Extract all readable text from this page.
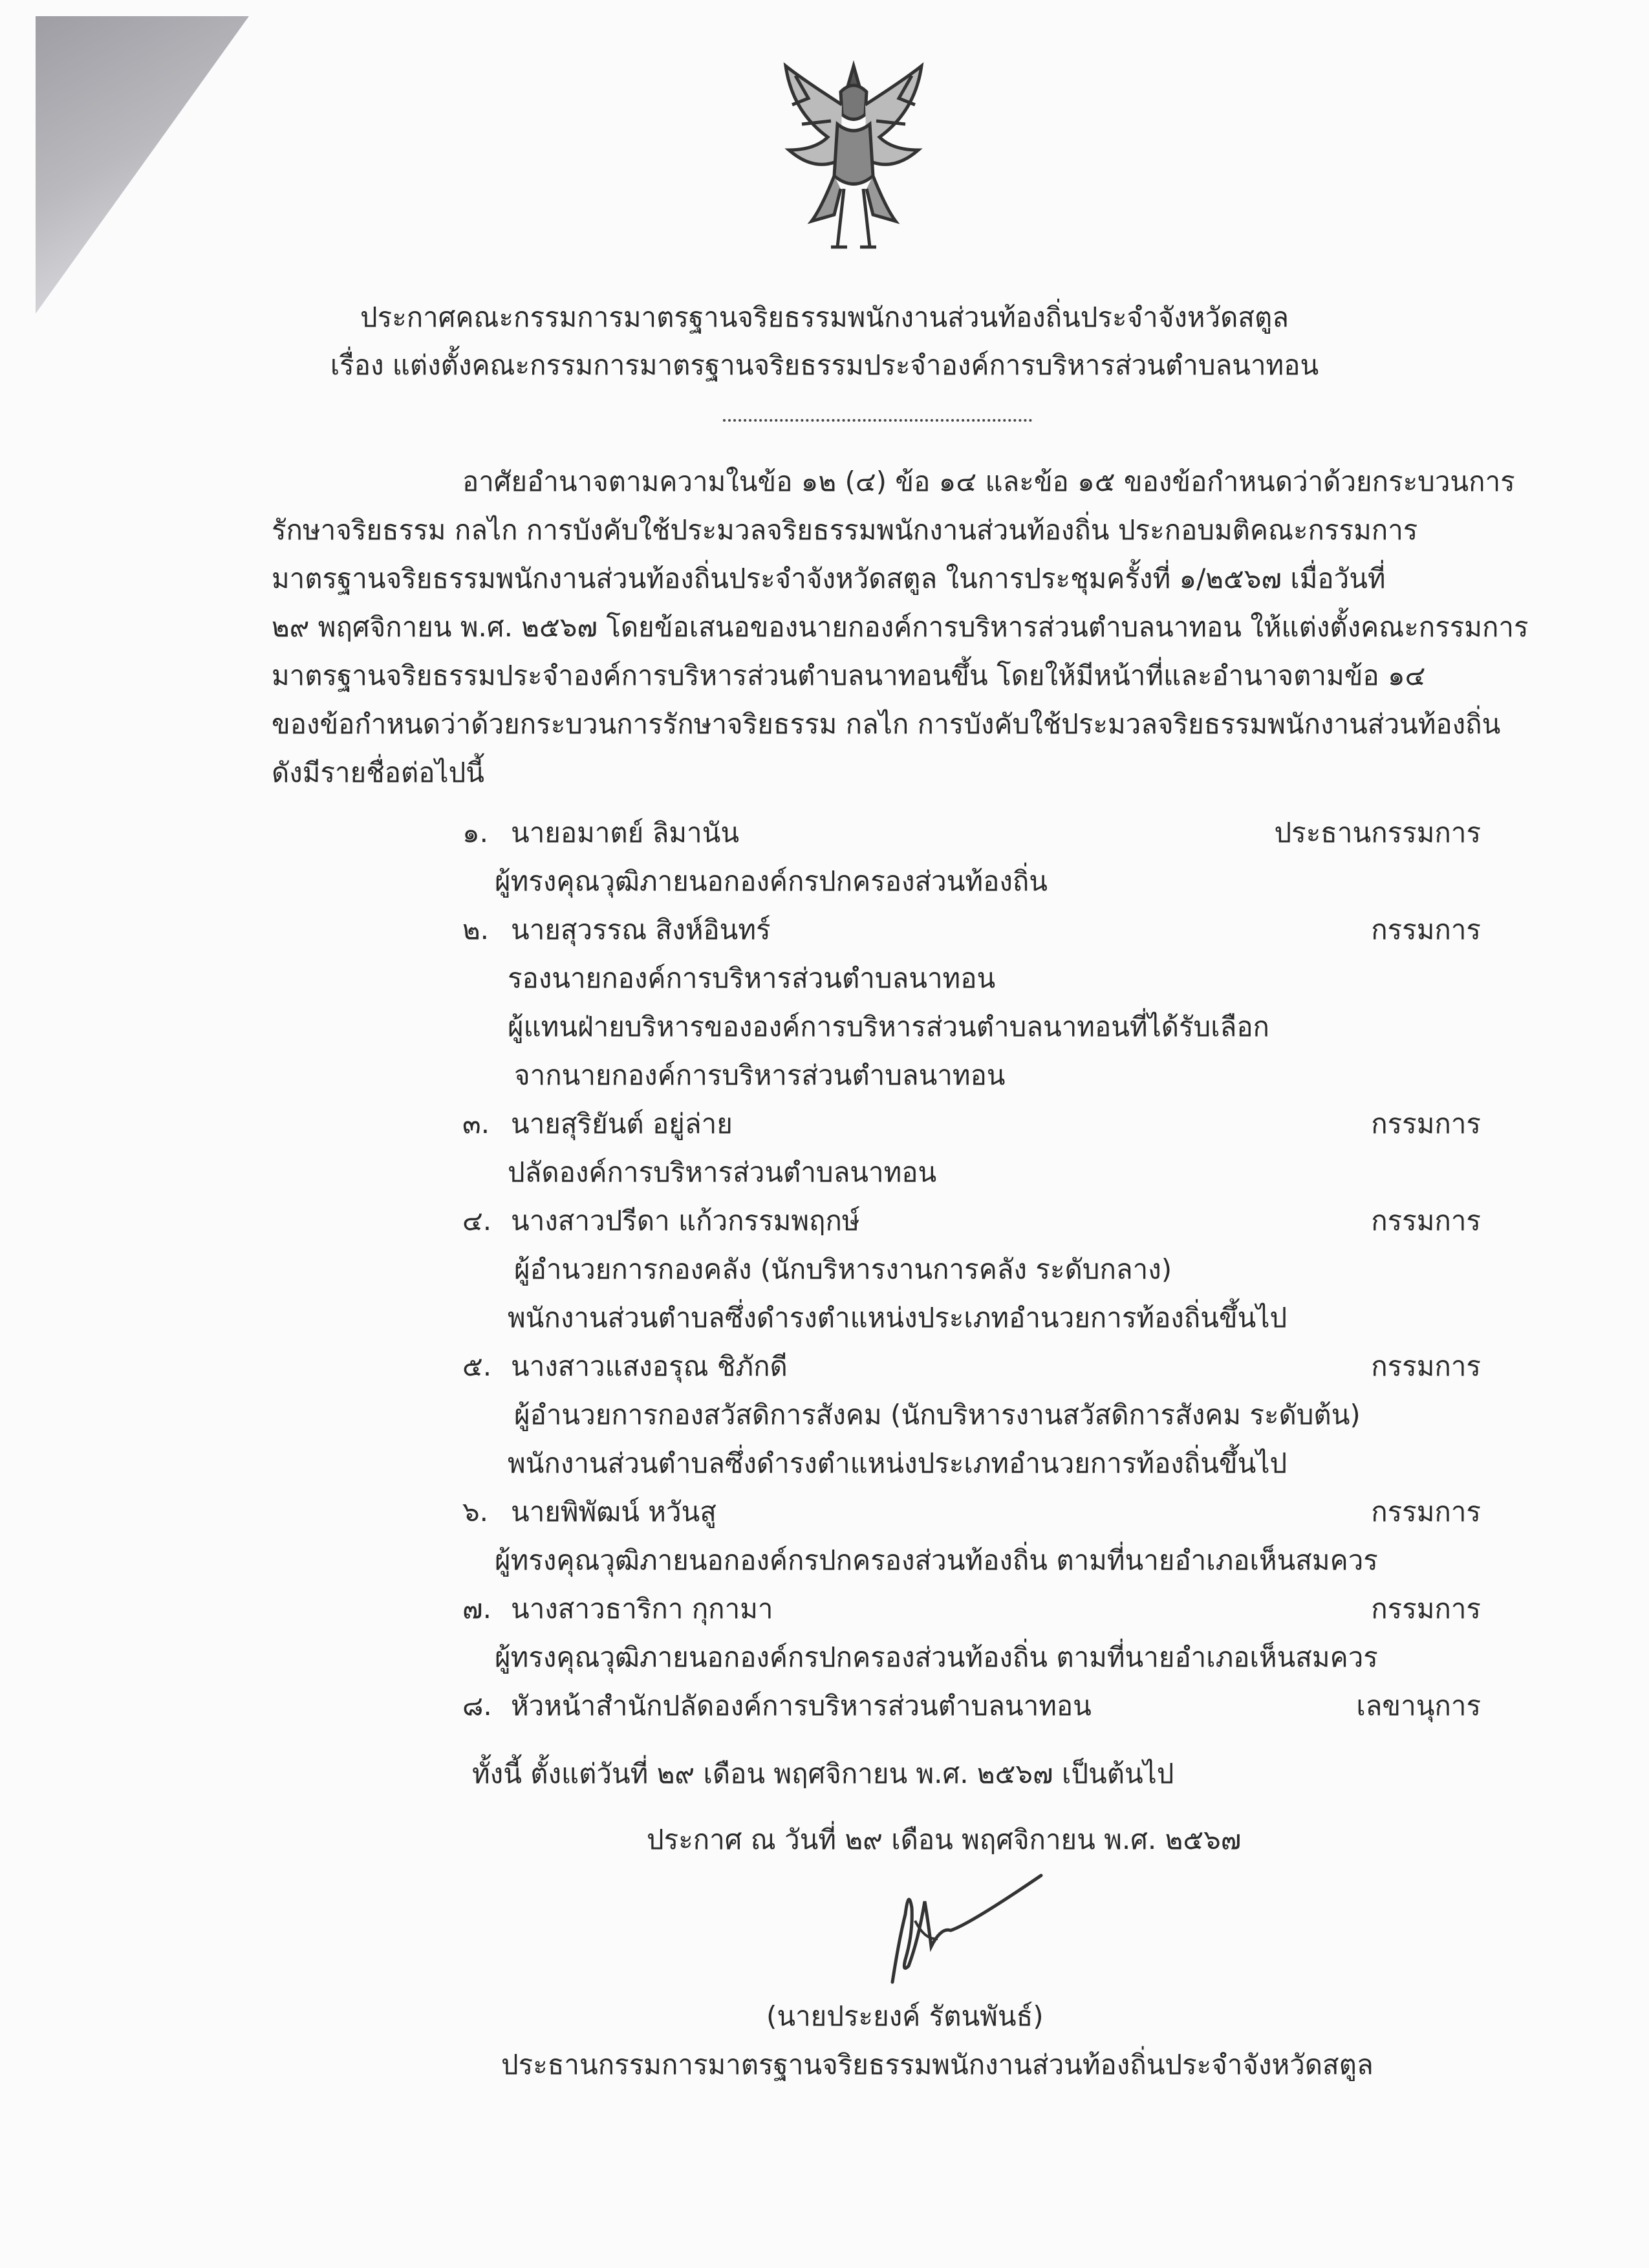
ประกาศคณะกรรมการมาตรฐานจริยธรรมพนักงานส่วนท้องถิ่นประจำจังหวัดสตูล
เรื่อง แต่งตั้งคณะกรรมการมาตรฐานจริยธรรมประจำองค์การบริหารส่วนตำบลนาทอน
อาศัยอำนาจตามความในข้อ ๑๒ (๔) ข้อ ๑๔ และข้อ ๑๕ ของข้อกำหนดว่าด้วยกระบวนการ
รักษาจริยธรรม กลไก การบังคับใช้ประมวลจริยธรรมพนักงานส่วนท้องถิ่น ประกอบมติคณะกรรมการ
มาตรฐานจริยธรรมพนักงานส่วนท้องถิ่นประจำจังหวัดสตูล ในการประชุมครั้งที่ ๑/๒๕๖๗ เมื่อวันที่
๒๙ พฤศจิกายน พ.ศ. ๒๕๖๗ โดยข้อเสนอของนายกองค์การบริหารส่วนตำบลนาทอน ให้แต่งตั้งคณะกรรมการ
มาตรฐานจริยธรรมประจำองค์การบริหารส่วนตำบลนาทอนขึ้น โดยให้มีหน้าที่และอำนาจตามข้อ ๑๔
ของข้อกำหนดว่าด้วยกระบวนการรักษาจริยธรรม กลไก การบังคับใช้ประมวลจริยธรรมพนักงานส่วนท้องถิ่น
ดังมีรายชื่อต่อไปนี้
๑. นายอมาตย์ ลิมานัน	ประธานกรรมการ
ผู้ทรงคุณวุฒิภายนอกองค์กรปกครองส่วนท้องถิ่น
๒. นายสุวรรณ สิงห์อินทร์	กรรมการ
รองนายกองค์การบริหารส่วนตำบลนาทอน
ผู้แทนฝ่ายบริหารขององค์การบริหารส่วนตำบลนาทอนที่ได้รับเลือก
จากนายกองค์การบริหารส่วนตำบลนาทอน
๓. นายสุริยันต์ อยู่ล่าย	กรรมการ
ปลัดองค์การบริหารส่วนตำบลนาทอน
๔. นางสาวปรีดา แก้วกรรมพฤกษ์	กรรมการ
ผู้อำนวยการกองคลัง (นักบริหารงานการคลัง ระดับกลาง)
พนักงานส่วนตำบลซึ่งดำรงตำแหน่งประเภทอำนวยการท้องถิ่นขึ้นไป
๕. นางสาวแสงอรุณ ชิภักดี	กรรมการ
ผู้อำนวยการกองสวัสดิการสังคม (นักบริหารงานสวัสดิการสังคม ระดับต้น)
พนักงานส่วนตำบลซึ่งดำรงตำแหน่งประเภทอำนวยการท้องถิ่นขึ้นไป
๖. นายพิพัฒน์ หวันสู	กรรมการ
ผู้ทรงคุณวุฒิภายนอกองค์กรปกครองส่วนท้องถิ่น ตามที่นายอำเภอเห็นสมควร
๗. นางสาวธาริกา กุกามา	กรรมการ
ผู้ทรงคุณวุฒิภายนอกองค์กรปกครองส่วนท้องถิ่น ตามที่นายอำเภอเห็นสมควร
๘. หัวหน้าสำนักปลัดองค์การบริหารส่วนตำบลนาทอน	เลขานุการ
ทั้งนี้ ตั้งแต่วันที่ ๒๙ เดือน พฤศจิกายน พ.ศ. ๒๕๖๗ เป็นต้นไป
ประกาศ ณ วันที่ ๒๙ เดือน พฤศจิกายน พ.ศ. ๒๕๖๗
(นายประยงค์ รัตนพันธ์)
ประธานกรรมการมาตรฐานจริยธรรมพนักงานส่วนท้องถิ่นประจำจังหวัดสตูล
